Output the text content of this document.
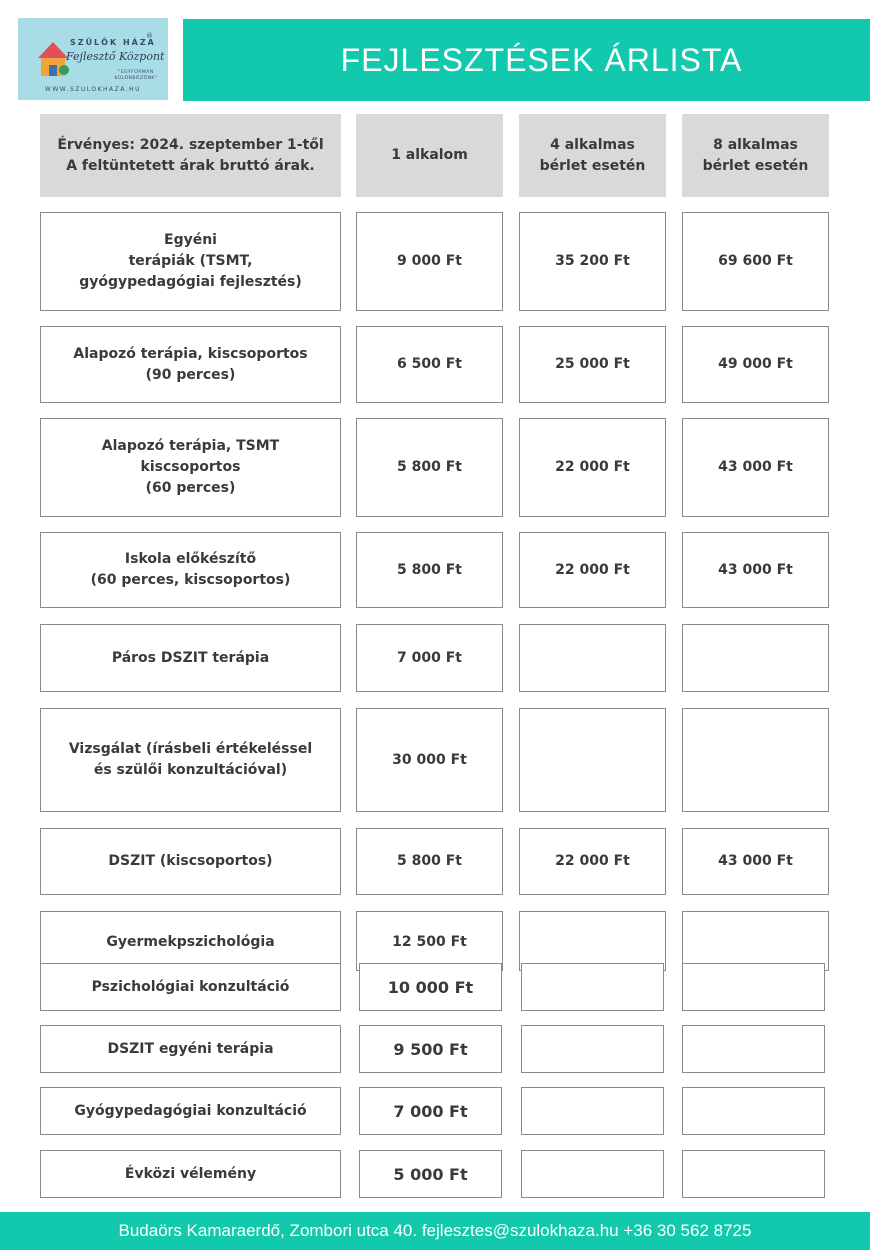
SZÜLŐK HÁZA
®
Fejlesztő Központ
"EGYFORMÁN KÜLÖNBÖZŐNK"
WWW.SZULOKHAZA.HU
FEJLESZTÉSEK ÁRLISTA
Érvényes: 2024. szeptember 1-től
A feltüntetett árak bruttó árak.
1 alkalom
4 alkalmas
bérlet esetén
8 alkalmas
bérlet esetén
Egyéni
terápiák (TSMT,
gyógypedagógiai fejlesztés)
9 000 Ft	35 200 Ft	69 600 Ft
Alapozó terápia, kiscsoportos
(90 perces)
6 500 Ft	25 000 Ft	49 000 Ft
Alapozó terápia, TSMT
kiscsoportos
(60 perces)
5 800 Ft	22 000 Ft	43 000 Ft
Iskola előkészítő
(60 perces, kiscsoportos)
5 800 Ft	22 000 Ft	43 000 Ft
Páros DSZIT terápia	7 000 Ft
Vizsgálat (írásbeli értékeléssel
és szülői konzultációval)
30 000 Ft
DSZIT (kiscsoportos)	5 800 Ft	22 000 Ft	43 000 Ft
Gyermekpszichológia	12 500 Ft
Pszichológiai konzultáció	10 000 Ft
DSZIT egyéni terápia	9 500 Ft
Gyógypedagógiai konzultáció	7 000 Ft
Évközi vélemény	5 000 Ft
Budaörs Kamaraerdő, Zombori utca 40. fejlesztes@szulokhaza.hu +36 30 562 8725
